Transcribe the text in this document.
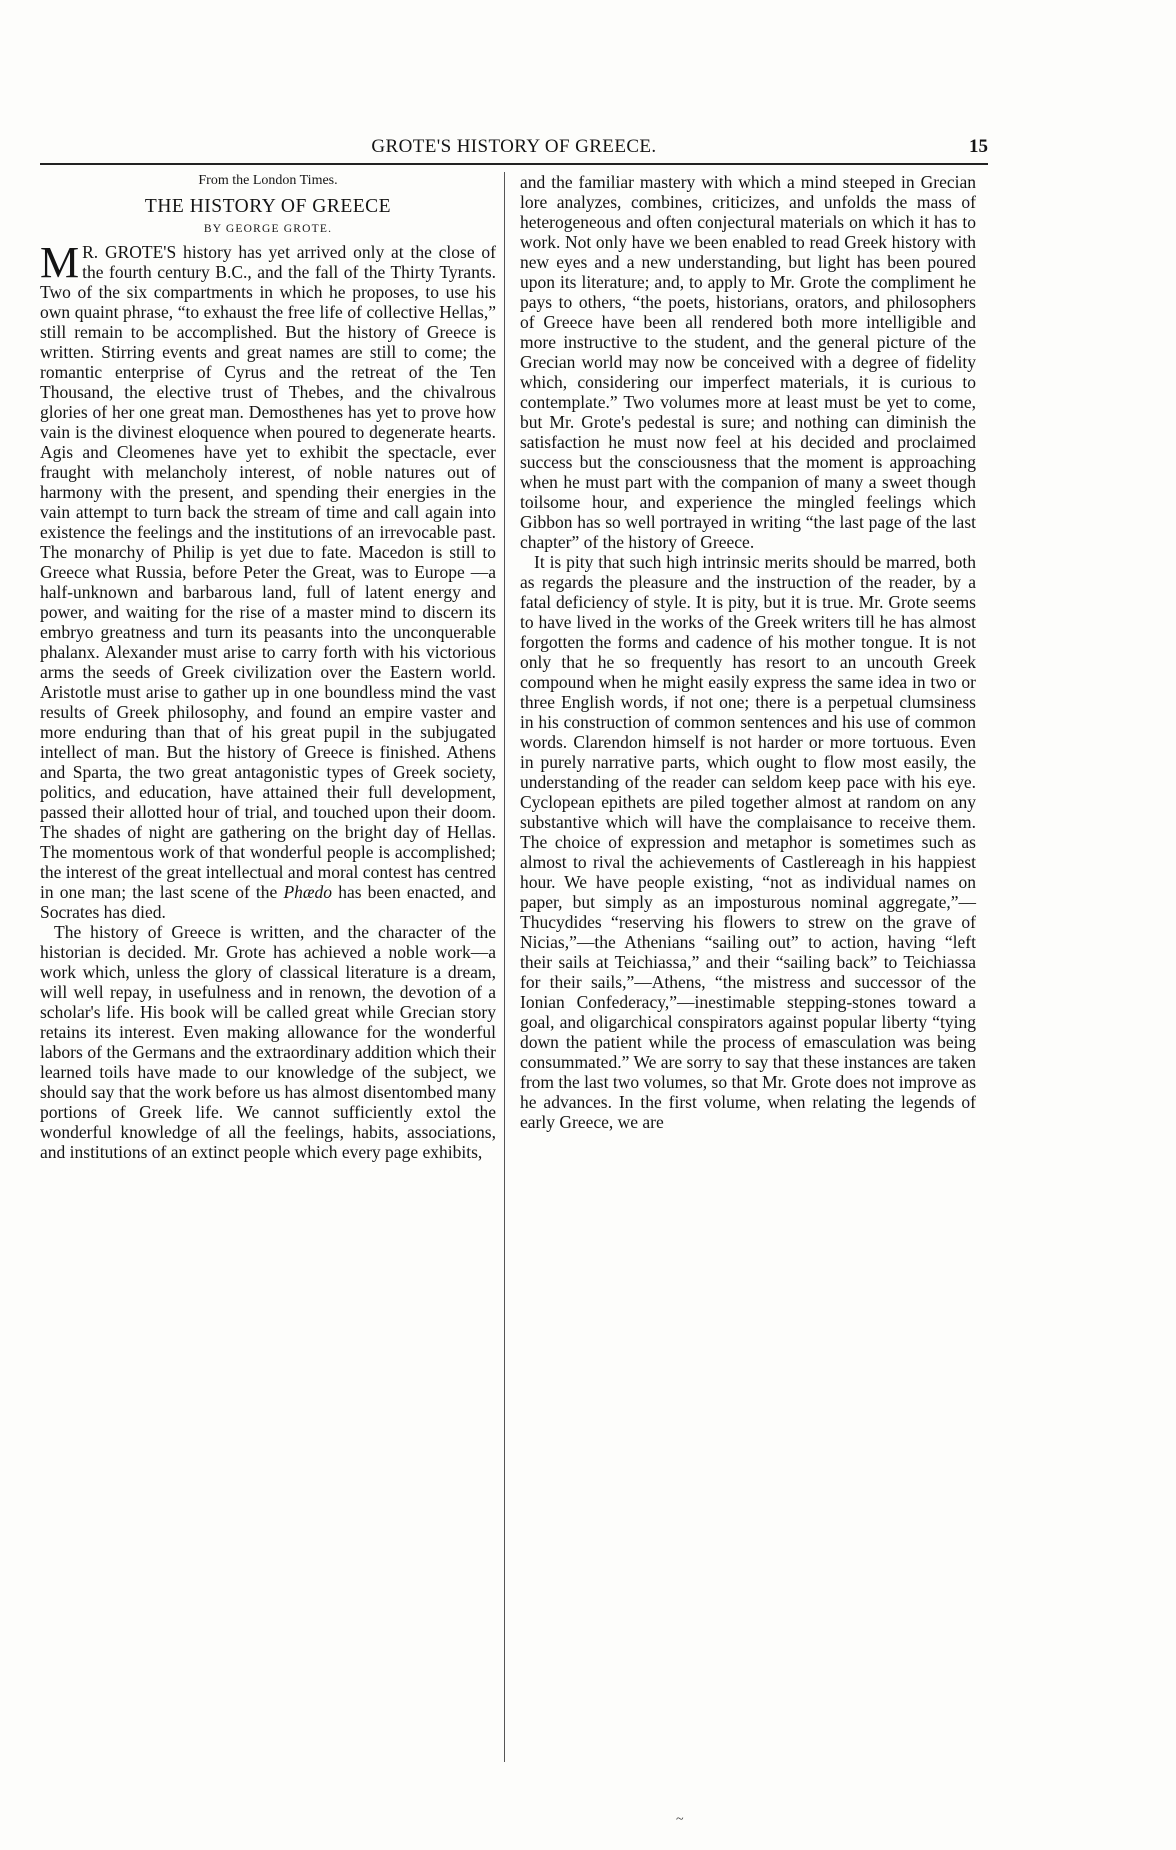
GROTE'S HISTORY OF GREECE.	15

From the London Times.

THE HISTORY OF GREECE

BY GEORGE GROTE.

M R. GROTE'S history has yet arrived only at the close of the fourth century B.C., and the fall of the Thirty Tyrants. Two of the six compartments in which he proposes, to use his own quaint phrase, “to exhaust the free life of collective Hellas,” still remain to be accomplished. But the history of Greece is written. Stirring events and great names are still to come; the romantic enterprise of Cyrus and the retreat of the Ten Thousand, the elective trust of Thebes, and the chivalrous glories of her one great man. Demosthenes has yet to prove how vain is the divinest eloquence when poured to degenerate hearts. Agis and Cleomenes have yet to exhibit the spectacle, ever fraught with melancholy interest, of noble natures out of harmony with the present, and spending their energies in the vain attempt to turn back the stream of time and call again into existence the feelings and the institutions of an irrevocable past. The monarchy of Philip is yet due to fate. Macedon is still to Greece what Russia, before Peter the Great, was to Europe —a half-unknown and barbarous land, full of latent energy and power, and waiting for the rise of a master mind to discern its embryo greatness and turn its peasants into the unconquerable phalanx. Alexander must arise to carry forth with his victorious arms the seeds of Greek civilization over the Eastern world. Aristotle must arise to gather up in one boundless mind the vast results of Greek philosophy, and found an empire vaster and more enduring than that of his great pupil in the subjugated intellect of man. But the history of Greece is finished. Athens and Sparta, the two great antagonistic types of Greek society, politics, and education, have attained their full development, passed their allotted hour of trial, and touched upon their doom. The shades of night are gathering on the bright day of Hellas. The momentous work of that wonderful people is accomplished; the interest of the great intellectual and moral contest has centred in one man; the last scene of the Phædo has been enacted, and Socrates has died.

The history of Greece is written, and the character of the historian is decided. Mr. Grote has achieved a noble work—a work which, unless the glory of classical literature is a dream, will well repay, in usefulness and in renown, the devotion of a scholar's life. His book will be called great while Grecian story retains its interest. Even making allowance for the wonderful labors of the Germans and the extraordinary addition which their learned toils have made to our knowledge of the subject, we should say that the work before us has almost disentombed many portions of Greek life. We cannot sufficiently extol the wonderful knowledge of all the feelings, habits, associations, and institutions of an extinct people which every page exhibits,

and the familiar mastery with which a mind steeped in Grecian lore analyzes, combines, criticizes, and unfolds the mass of heterogeneous and often conjectural materials on which it has to work. Not only have we been enabled to read Greek history with new eyes and a new understanding, but light has been poured upon its literature; and, to apply to Mr. Grote the compliment he pays to others, “the poets, historians, orators, and philosophers of Greece have been all rendered both more intelligible and more instructive to the student, and the general picture of the Grecian world may now be conceived with a degree of fidelity which, considering our imperfect materials, it is curious to contemplate.” Two volumes more at least must be yet to come, but Mr. Grote's pedestal is sure; and nothing can diminish the satisfaction he must now feel at his decided and proclaimed success but the consciousness that the moment is approaching when he must part with the companion of many a sweet though toilsome hour, and experience the mingled feelings which Gibbon has so well portrayed in writing “the last page of the last chapter” of the history of Greece.

It is pity that such high intrinsic merits should be marred, both as regards the pleasure and the instruction of the reader, by a fatal deficiency of style. It is pity, but it is true. Mr. Grote seems to have lived in the works of the Greek writers till he has almost forgotten the forms and cadence of his mother tongue. It is not only that he so frequently has resort to an uncouth Greek compound when he might easily express the same idea in two or three English words, if not one; there is a perpetual clumsiness in his construction of common sentences and his use of common words. Clarendon himself is not harder or more tortuous. Even in purely narrative parts, which ought to flow most easily, the understanding of the reader can seldom keep pace with his eye. Cyclopean epithets are piled together almost at random on any substantive which will have the complaisance to receive them. The choice of expression and metaphor is sometimes such as almost to rival the achievements of Castlereagh in his happiest hour. We have people existing, “not as individual names on paper, but simply as an imposturous nominal aggregate,”—Thucydides “reserving his flowers to strew on the grave of Nicias,”—the Athenians “sailing out” to action, having “left their sails at Teichiassa,” and their “sailing back” to Teichiassa for their sails,”—Athens, “the mistress and successor of the Ionian Confederacy,”—inestimable stepping-stones toward a goal, and oligarchical conspirators against popular liberty “tying down the patient while the process of emasculation was being consummated.” We are sorry to say that these instances are taken from the last two volumes, so that Mr. Grote does not improve as he advances. In the first volume, when relating the legends of early Greece, we are

~
